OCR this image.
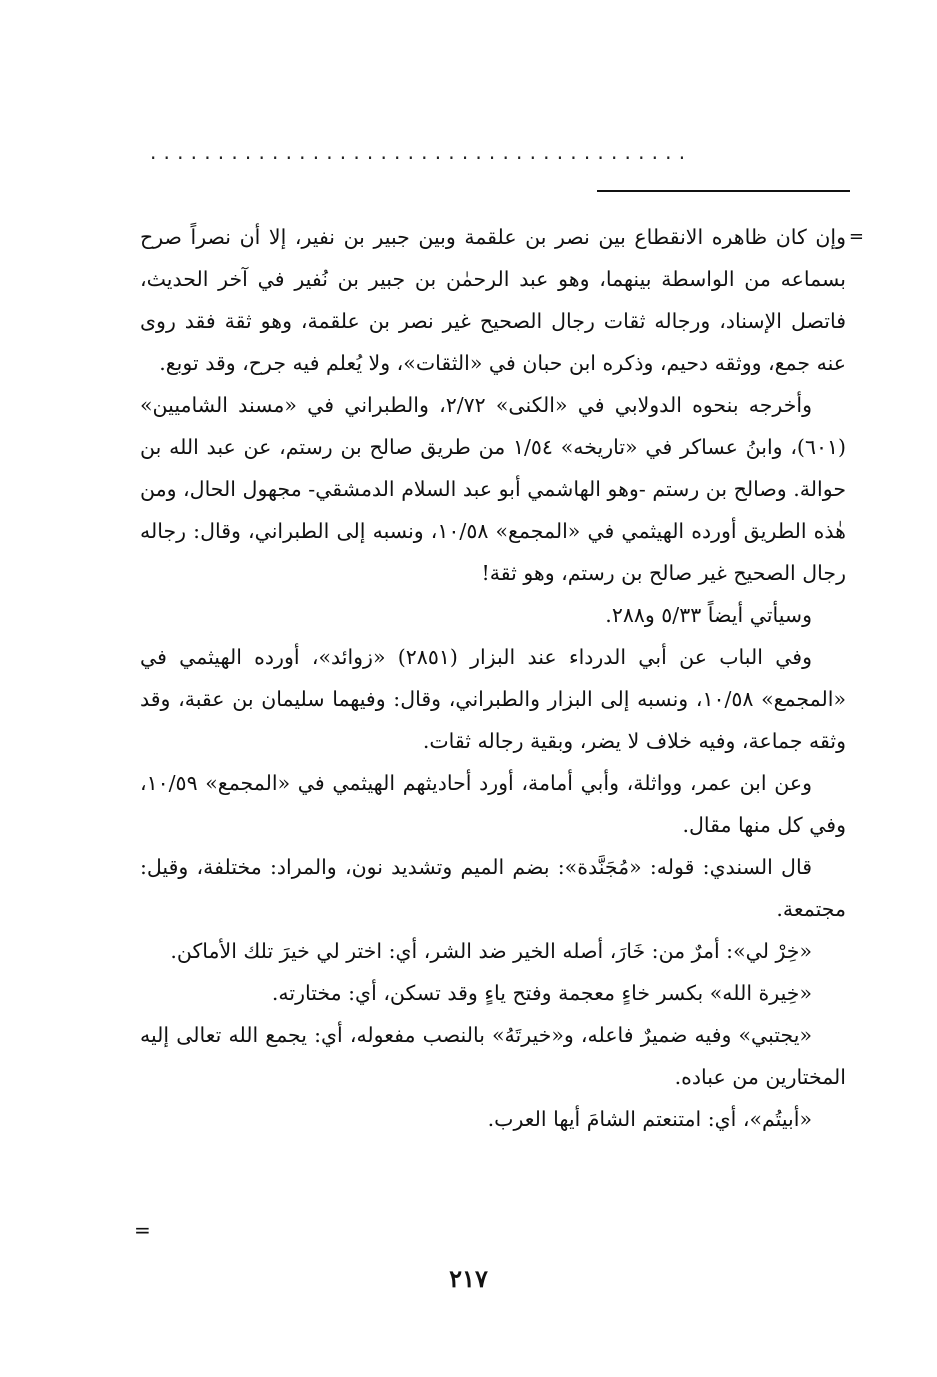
........................................

=
وإن كان ظاهره الانقطاع بين نصر بن علقمة وبين جبير بن نفير، إلا أن نصراً صرح بسماعه من الواسطة بينهما، وهو عبد الرحمٰن بن جبير بن نُفير في آخر الحديث، فاتصل الإسناد، ورجاله ثقات رجال الصحيح غير نصر بن علقمة، وهو ثقة فقد روى عنه جمع، ووثقه دحيم، وذكره ابن حبان في «الثقات»، ولا يُعلم فيه جرح، وقد توبع.

وأخرجه بنحوه الدولابي في «الكنى» ٢/٧٢، والطبراني في «مسند الشاميين» (٦٠١)، وابنُ عساكر في «تاريخه» ١/٥٤ من طريق صالح بن رستم، عن عبد الله بن حوالة. وصالح بن رستم -وهو الهاشمي أبو عبد السلام الدمشقي- مجهول الحال، ومن هٰذه الطريق أورده الهيثمي في «المجمع» ١٠/٥٨، ونسبه إلى الطبراني، وقال: رجاله رجال الصحيح غير صالح بن رستم، وهو ثقة!

وسيأتي أيضاً ٥/٣٣ و٢٨٨.

وفي الباب عن أبي الدرداء عند البزار (٢٨٥١) «زوائد»، أورده الهيثمي في «المجمع» ١٠/٥٨، ونسبه إلى البزار والطبراني، وقال: وفيهما سليمان بن عقبة، وقد وثقه جماعة، وفيه خلاف لا يضر، وبقية رجاله ثقات.

وعن ابن عمر، وواثلة، وأبي أمامة، أورد أحاديثهم الهيثمي في «المجمع» ١٠/٥٩، وفي كل منها مقال.

قال السندي: قوله: «مُجَنَّدة»: بضم الميم وتشديد نون، والمراد: مختلفة، وقيل: مجتمعة.

«خِرْ لي»: أمرٌ من: خَارَ، أصله الخير ضد الشر، أي: اختر لي خيرَ تلك الأماكن.

«خِيرة الله» بكسر خاءٍ معجمة وفتح ياءٍ وقد تسكن، أي: مختارته.

«يجتبي» وفيه ضميرٌ فاعله، و«خيرتَهُ» بالنصب مفعوله، أي: يجمع الله تعالى إليه المختارين من عباده.

«أبيتُم»، أي: امتنعتم الشامَ أيها العرب.

=
٢١٧
